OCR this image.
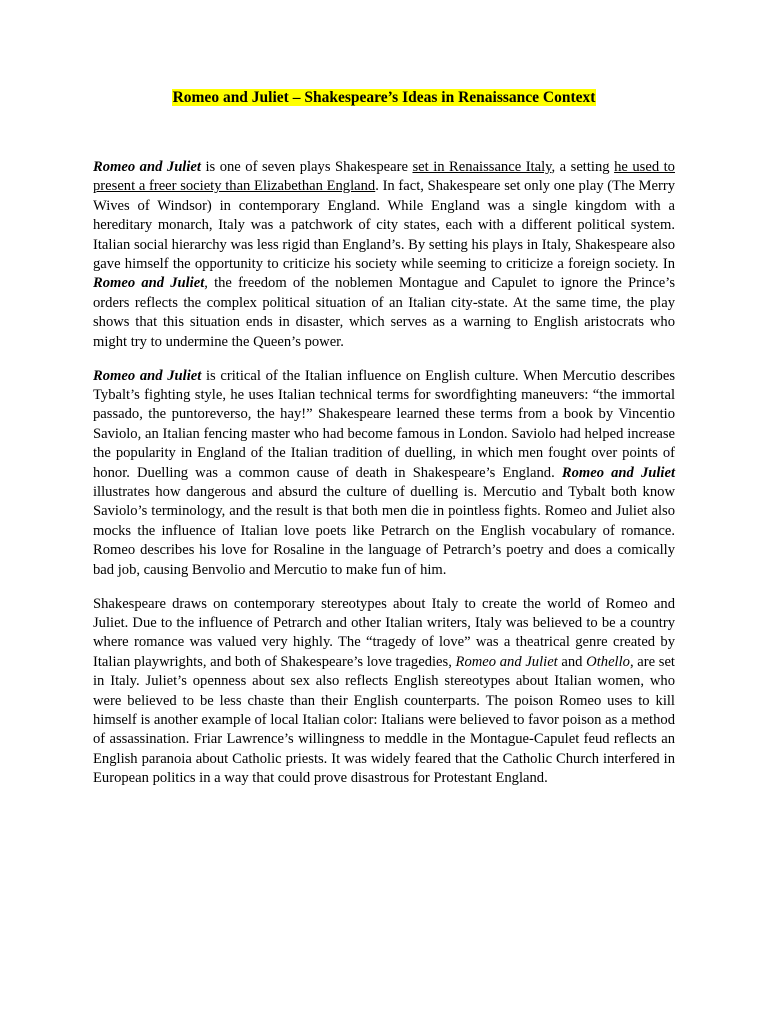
Romeo and Juliet – Shakespeare’s Ideas in Renaissance Context

Romeo and Juliet is one of seven plays Shakespeare set in Renaissance Italy, a setting he used to present a freer society than Elizabethan England. In fact, Shakespeare set only one play (The Merry Wives of Windsor) in contemporary England. While England was a single kingdom with a hereditary monarch, Italy was a patchwork of city states, each with a different political system. Italian social hierarchy was less rigid than England’s. By setting his plays in Italy, Shakespeare also gave himself the opportunity to criticize his society while seeming to criticize a foreign society. In Romeo and Juliet, the freedom of the noblemen Montague and Capulet to ignore the Prince’s orders reflects the complex political situation of an Italian city-state. At the same time, the play shows that this situation ends in disaster, which serves as a warning to English aristocrats who might try to undermine the Queen’s power.

Romeo and Juliet is critical of the Italian influence on English culture. When Mercutio describes Tybalt’s fighting style, he uses Italian technical terms for swordfighting maneuvers: “the immortal passado, the puntoreverso, the hay!” Shakespeare learned these terms from a book by Vincentio Saviolo, an Italian fencing master who had become famous in London. Saviolo had helped increase the popularity in England of the Italian tradition of duelling, in which men fought over points of honor. Duelling was a common cause of death in Shakespeare’s England. Romeo and Juliet illustrates how dangerous and absurd the culture of duelling is. Mercutio and Tybalt both know Saviolo’s terminology, and the result is that both men die in pointless fights. Romeo and Juliet also mocks the influence of Italian love poets like Petrarch on the English vocabulary of romance. Romeo describes his love for Rosaline in the language of Petrarch’s poetry and does a comically bad job, causing Benvolio and Mercutio to make fun of him.

Shakespeare draws on contemporary stereotypes about Italy to create the world of Romeo and Juliet. Due to the influence of Petrarch and other Italian writers, Italy was believed to be a country where romance was valued very highly. The “tragedy of love” was a theatrical genre created by Italian playwrights, and both of Shakespeare’s love tragedies, Romeo and Juliet and Othello, are set in Italy. Juliet’s openness about sex also reflects English stereotypes about Italian women, who were believed to be less chaste than their English counterparts. The poison Romeo uses to kill himself is another example of local Italian color: Italians were believed to favor poison as a method of assassination. Friar Lawrence’s willingness to meddle in the Montague-Capulet feud reflects an English paranoia about Catholic priests. It was widely feared that the Catholic Church interfered in European politics in a way that could prove disastrous for Protestant England.
